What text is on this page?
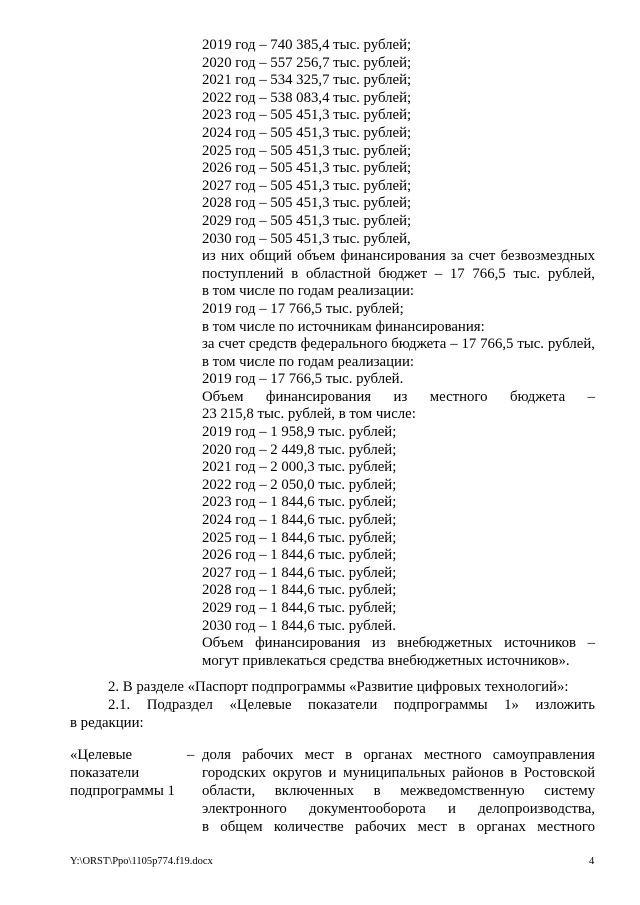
2019 год – 740 385,4 тыс. рублей;
2020 год – 557 256,7 тыс. рублей;
2021 год – 534 325,7 тыс. рублей;
2022 год – 538 083,4 тыс. рублей;
2023 год – 505 451,3 тыс. рублей;
2024 год – 505 451,3 тыс. рублей;
2025 год – 505 451,3 тыс. рублей;
2026 год – 505 451,3 тыс. рублей;
2027 год – 505 451,3 тыс. рублей;
2028 год – 505 451,3 тыс. рублей;
2029 год – 505 451,3 тыс. рублей;
2030 год – 505 451,3 тыс. рублей,
из них общий объем финансирования за счет безвозмездных
поступлений в областной бюджет – 17 766,5 тыс. рублей,
в том числе по годам реализации:
2019 год – 17 766,5 тыс. рублей;
в том числе по источникам финансирования:
за счет средств федерального бюджета – 17 766,5 тыс. рублей,
в том числе по годам реализации:
2019 год – 17 766,5 тыс. рублей.
Объем финансирования из местного бюджета –
23 215,8 тыс. рублей, в том числе:
2019 год – 1 958,9 тыс. рублей;
2020 год – 2 449,8 тыс. рублей;
2021 год – 2 000,3 тыс. рублей;
2022 год – 2 050,0 тыс. рублей;
2023 год – 1 844,6 тыс. рублей;
2024 год – 1 844,6 тыс. рублей;
2025 год – 1 844,6 тыс. рублей;
2026 год – 1 844,6 тыс. рублей;
2027 год – 1 844,6 тыс. рублей;
2028 год – 1 844,6 тыс. рублей;
2029 год – 1 844,6 тыс. рублей;
2030 год – 1 844,6 тыс. рублей.
Объем финансирования из внебюджетных источников –
могут привлекаться средства внебюджетных источников».
2. В разделе «Паспорт подпрограммы «Развитие цифровых технологий»:
2.1. Подраздел «Целевые показатели подпрограммы 1» изложить
в редакции:
«Целевые
показатели
подпрограммы 1
– доля рабочих мест в органах местного самоуправления
городских округов и муниципальных районов в Ростовской
области, включенных в межведомственную систему
электронного документооборота и делопроизводства,
в общем количестве рабочих мест в органах местного
Y:\ORST\Ppo\1105p774.f19.docx	4
